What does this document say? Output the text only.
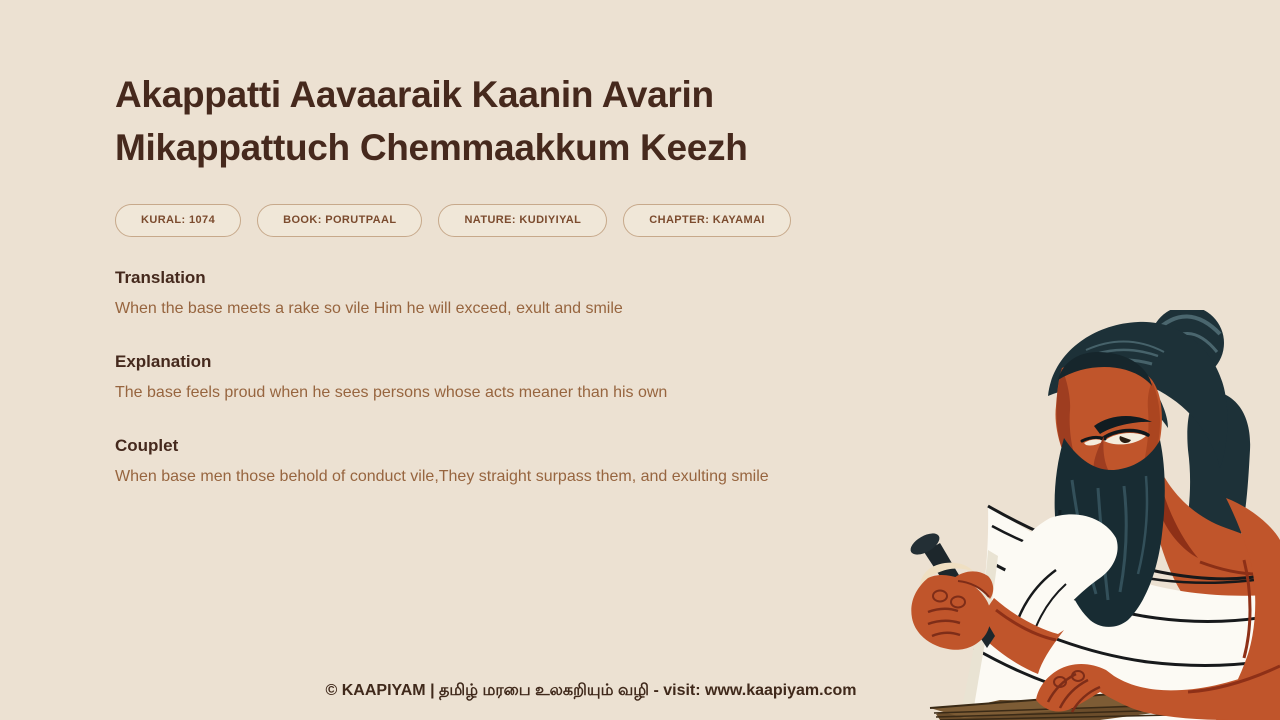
Akappatti Aavaaraik Kaanin Avarin
Mikappattuch Chemmaakkum Keezh
KURAL: 1074	BOOK: PORUTPAAL	NATURE: KUDIYIYAL	CHAPTER: KAYAMAI
Translation

When the base meets a rake so vile Him he will exceed, exult and smile

Explanation

The base feels proud when he sees persons whose acts meaner than his own

Couplet

When base men those behold of conduct vile,They straight surpass them, and exulting smile

© KAAPIYAM | தமிழ் மரபை உலகறியும் வழி - visit: www.kaapiyam.com
